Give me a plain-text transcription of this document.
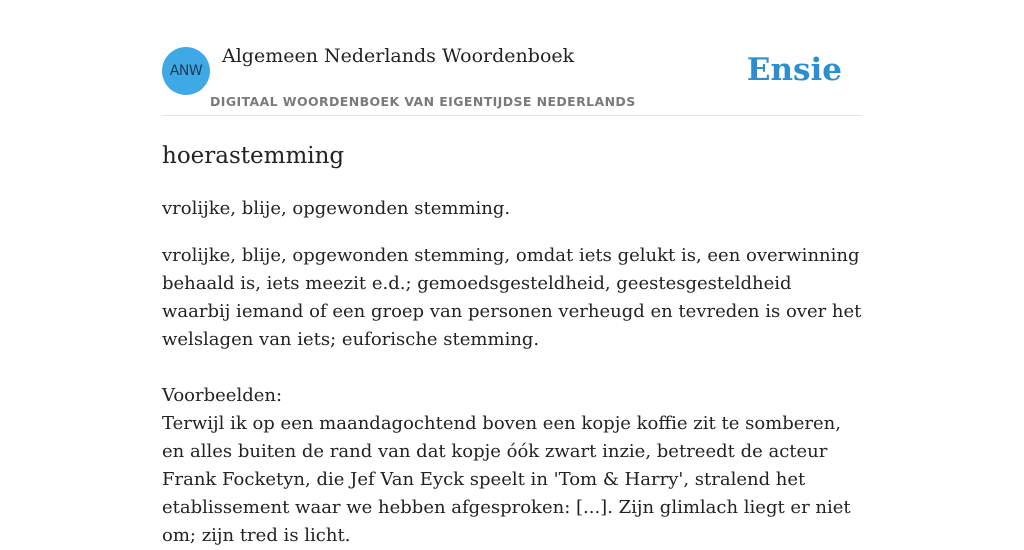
ANW
Algemeen Nederlands Woordenboek
DIGITAAL WOORDENBOEK VAN EIGENTIJDSE NEDERLANDS
Ensie
hoerastemming

vrolijke, blije, opgewonden stemming.

vrolijke, blije, opgewonden stemming, omdat iets gelukt is, een overwinning behaald is, iets meezit e.d.; gemoedsgesteldheid, geestesgesteldheid waarbij iemand of een groep van personen verheugd en tevreden is over het welslagen van iets; euforische stemming.

Voorbeelden:

Terwijl ik op een maandagochtend boven een kopje koffie zit te somberen, en alles buiten de rand van dat kopje óók zwart inzie, betreedt de acteur Frank Focketyn, die Jef Van Eyck speelt in 'Tom & Harry', stralend het etablissement waar we hebben afgesproken: [...]. Zijn glimlach liegt er niet om; zijn tred is licht.
